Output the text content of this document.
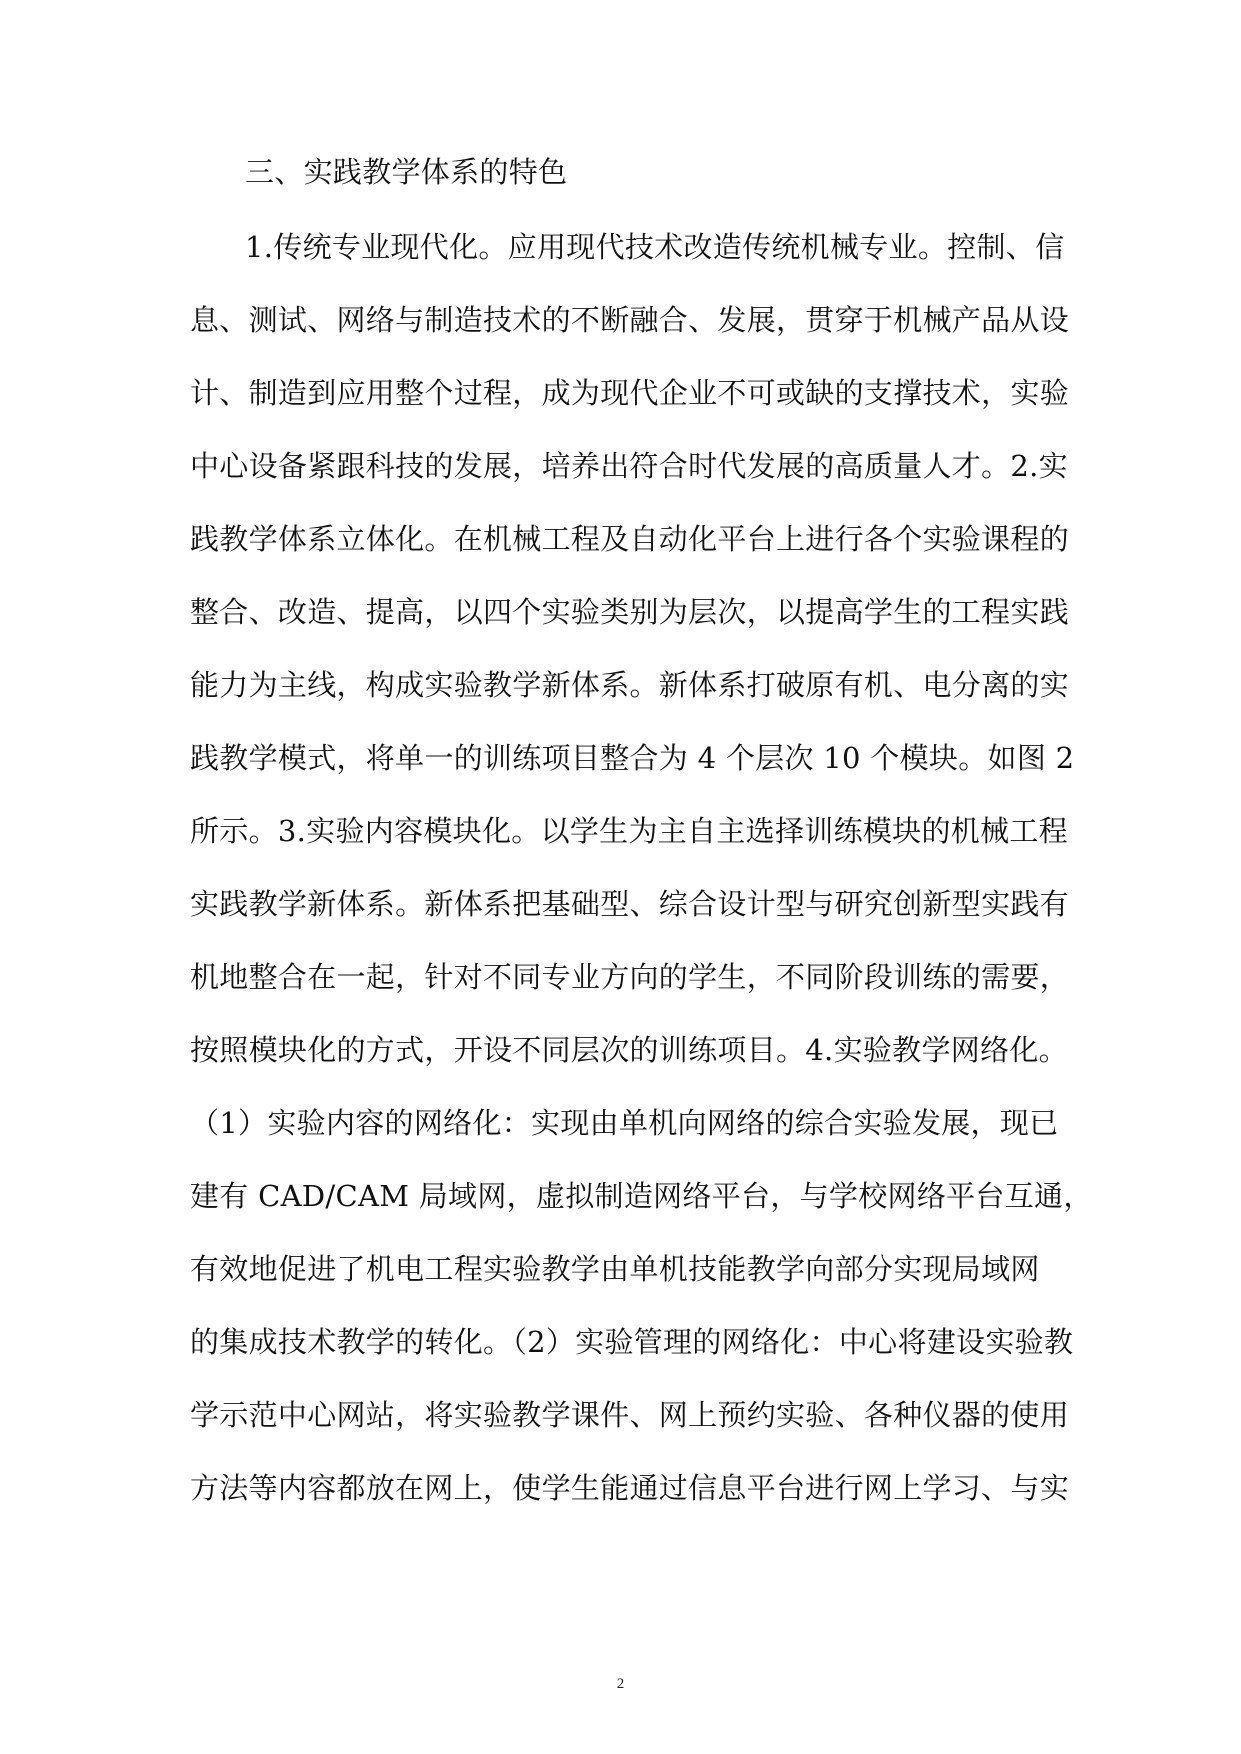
三、实践教学体系的特色
1.传统专业现代化。应用现代技术改造传统机械专业。控制、信
息、测试、网络与制造技术的不断融合、发展，贯穿于机械产品从设
计、制造到应用整个过程，成为现代企业不可或缺的支撑技术，实验
中心设备紧跟科技的发展，培养出符合时代发展的高质量人才。2.实
践教学体系立体化。在机械工程及自动化平台上进行各个实验课程的
整合、改造、提高，以四个实验类别为层次，以提高学生的工程实践
能力为主线，构成实验教学新体系。新体系打破原有机、电分离的实
践教学模式，将单一的训练项目整合为 4 个层次 10 个模块。如图 2
所示。3.实验内容模块化。以学生为主自主选择训练模块的机械工程
实践教学新体系。新体系把基础型、综合设计型与研究创新型实践有
机地整合在一起，针对不同专业方向的学生，不同阶段训练的需要，
按照模块化的方式，开设不同层次的训练项目。4.实验教学网络化。
（1）实验内容的网络化：实现由单机向网络的综合实验发展，现已
建有 CAD/CAM 局域网，虚拟制造网络平台，与学校网络平台互通，
有效地促进了机电工程实验教学由单机技能教学向部分实现局域网
的集成技术教学的转化。（2）实验管理的网络化：中心将建设实验教
学示范中心网站，将实验教学课件、网上预约实验、各种仪器的使用
方法等内容都放在网上，使学生能通过信息平台进行网上学习、与实
2
